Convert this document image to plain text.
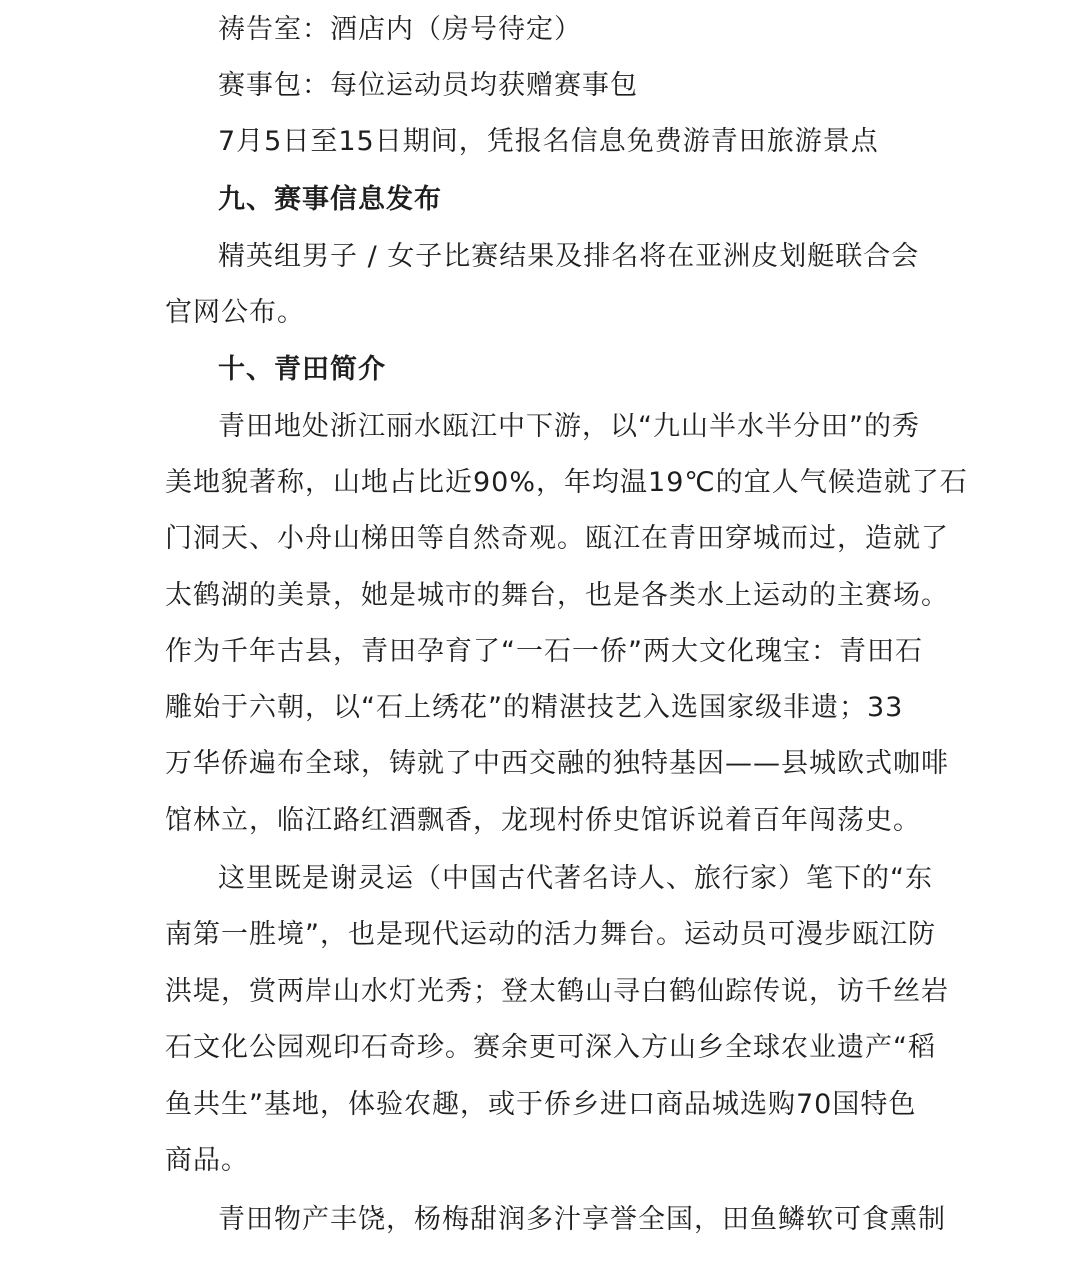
祷告室：酒店内（房号待定）
赛事包：每位运动员均获赠赛事包
7月5日至15日期间，凭报名信息免费游青田旅游景点
九、赛事信息发布
精英组男子 / 女子比赛结果及排名将在亚洲皮划艇联合会
官网公布。
十、青田简介
青田地处浙江丽水瓯江中下游，以“九山半水半分田”的秀
美地貌著称，山地占比近90%，年均温19℃的宜人气候造就了石
门洞天、小舟山梯田等自然奇观。瓯江在青田穿城而过，造就了
太鹤湖的美景，她是城市的舞台，也是各类水上运动的主赛场。
作为千年古县，青田孕育了“一石一侨”两大文化瑰宝：青田石
雕始于六朝，以“石上绣花”的精湛技艺入选国家级非遗；33
万华侨遍布全球，铸就了中西交融的独特基因——县城欧式咖啡
馆林立，临江路红酒飘香，龙现村侨史馆诉说着百年闯荡史。
这里既是谢灵运（中国古代著名诗人、旅行家）笔下的“东
南第一胜境”，也是现代运动的活力舞台。运动员可漫步瓯江防
洪堤，赏两岸山水灯光秀；登太鹤山寻白鹤仙踪传说，访千丝岩
石文化公园观印石奇珍。赛余更可深入方山乡全球农业遗产“稻
鱼共生”基地，体验农趣，或于侨乡进口商品城选购70国特色
商品。
青田物产丰饶，杨梅甜润多汁享誉全国，田鱼鳞软可食熏制
